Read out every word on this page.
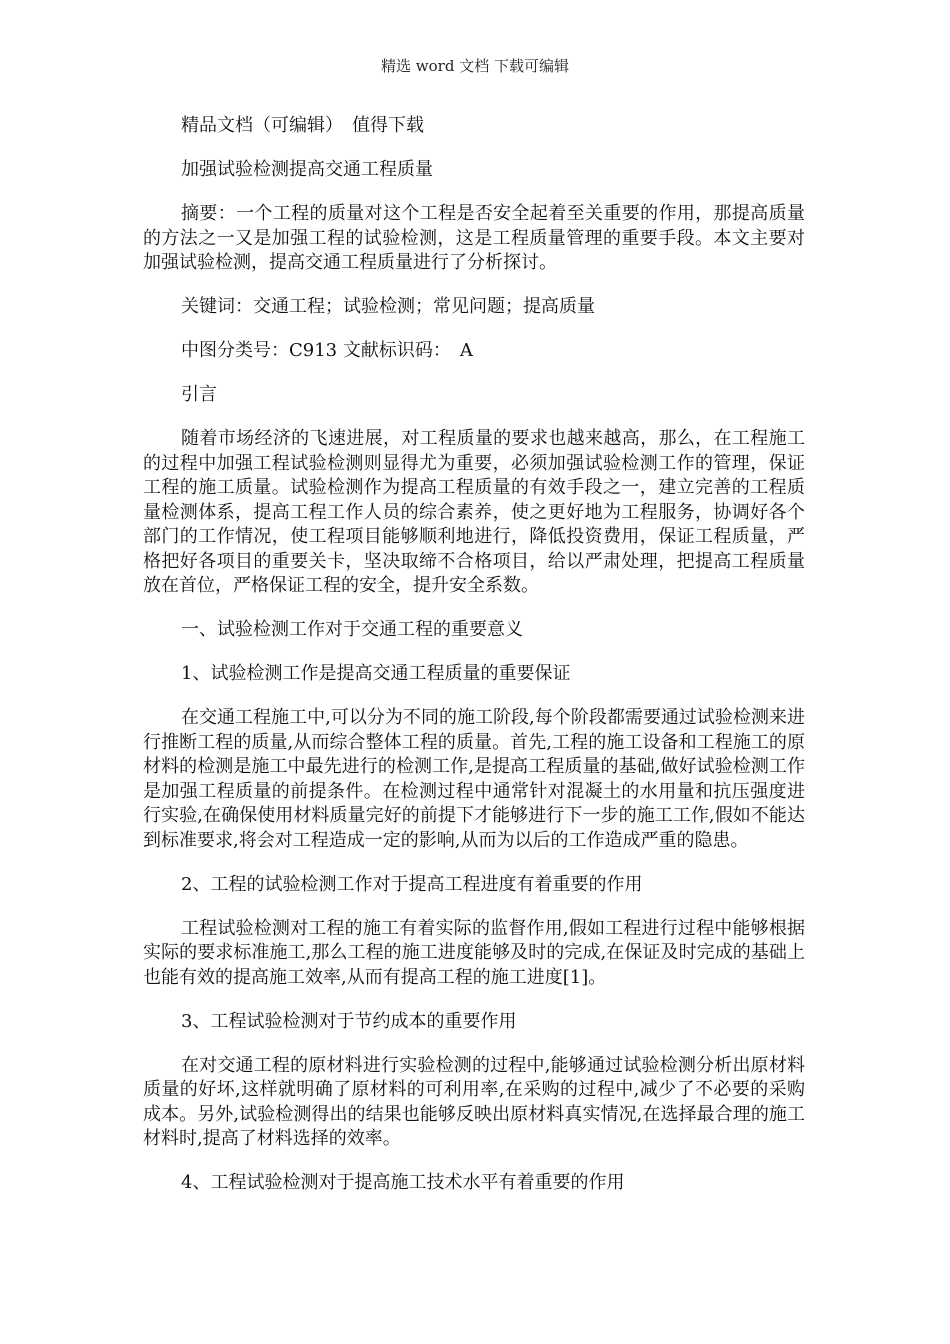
精选 word 文档 下载可编辑

精品文档（可编辑）　值得下载

加强试验检测提高交通工程质量

摘要：一个工程的质量对这个工程是否安全起着至关重要的作用，那提高质量的方法之一又是加强工程的试验检测，这是工程质量管理的重要手段。本文主要对加强试验检测，提高交通工程质量进行了分析探讨。

关键词：交通工程；试验检测；常见问题；提高质量

中图分类号：C913 文献标识码：　A

引言

随着市场经济的飞速进展，对工程质量的要求也越来越高，那么，在工程施工的过程中加强工程试验检测则显得尤为重要，必须加强试验检测工作的管理，保证工程的施工质量。试验检测作为提高工程质量的有效手段之一，建立完善的工程质量检测体系，提高工程工作人员的综合素养，使之更好地为工程服务，协调好各个部门的工作情况，使工程项目能够顺利地进行，降低投资费用，保证工程质量，严格把好各项目的重要关卡，坚决取缔不合格项目，给以严肃处理，把提高工程质量放在首位，严格保证工程的安全，提升安全系数。

一、试验检测工作对于交通工程的重要意义

1、试验检测工作是提高交通工程质量的重要保证

在交通工程施工中,可以分为不同的施工阶段,每个阶段都需要通过试验检测来进行推断工程的质量,从而综合整体工程的质量。首先,工程的施工设备和工程施工的原材料的检测是施工中最先进行的检测工作,是提高工程质量的基础,做好试验检测工作是加强工程质量的前提条件。在检测过程中通常针对混凝土的水用量和抗压强度进行实验,在确保使用材料质量完好的前提下才能够进行下一步的施工工作,假如不能达到标准要求,将会对工程造成一定的影响,从而为以后的工作造成严重的隐患。

2、工程的试验检测工作对于提高工程进度有着重要的作用

工程试验检测对工程的施工有着实际的监督作用,假如工程进行过程中能够根据实际的要求标准施工,那么工程的施工进度能够及时的完成,在保证及时完成的基础上也能有效的提高施工效率,从而有提高工程的施工进度[1]。

3、工程试验检测对于节约成本的重要作用

在对交通工程的原材料进行实验检测的过程中,能够通过试验检测分析出原材料质量的好坏,这样就明确了原材料的可利用率,在采购的过程中,减少了不必要的采购成本。另外,试验检测得出的结果也能够反映出原材料真实情况,在选择最合理的施工材料时,提高了材料选择的效率。

4、工程试验检测对于提高施工技术水平有着重要的作用
